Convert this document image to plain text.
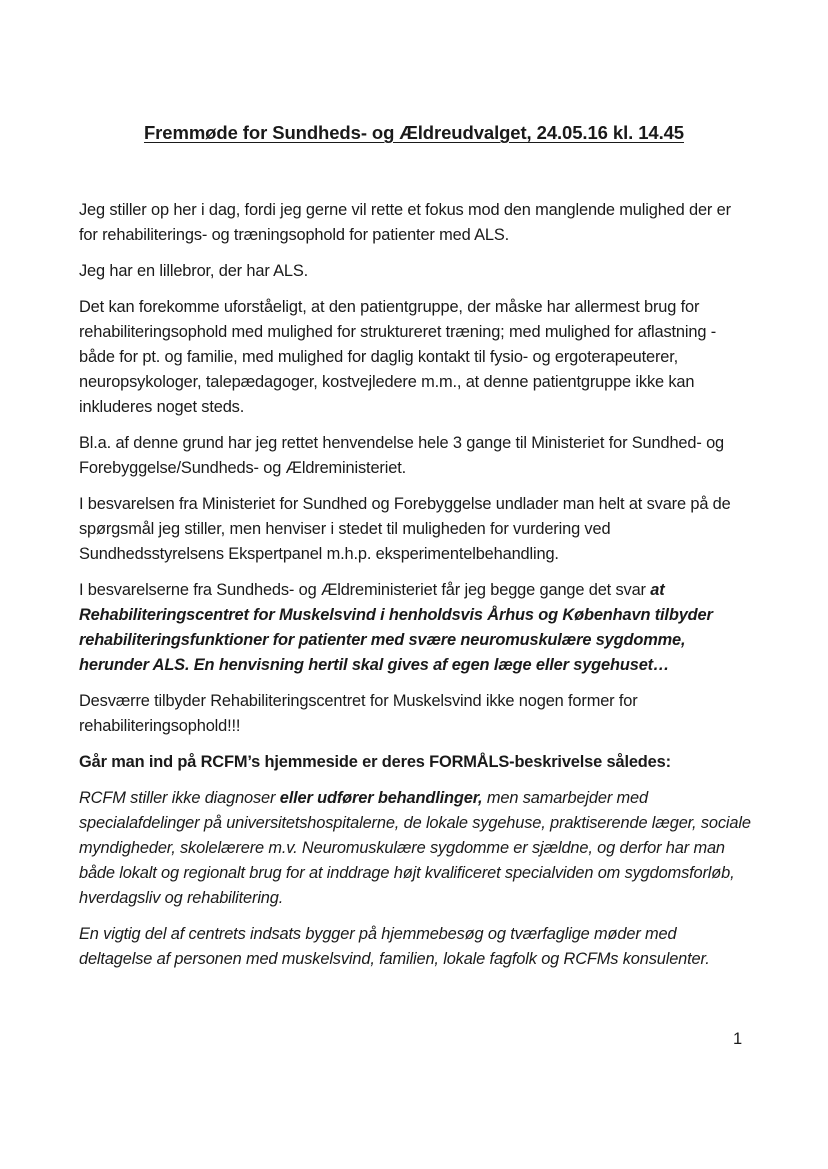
Fremmøde for Sundheds- og Ældreudvalget, 24.05.16 kl. 14.45

Jeg stiller op her i dag, fordi jeg gerne vil rette et fokus mod den manglende mulighed der er for rehabiliterings- og træningsophold for patienter med ALS.

Jeg har en lillebror, der har ALS.

Det kan forekomme uforståeligt, at den patientgruppe, der måske har allermest brug for rehabiliteringsophold med mulighed for struktureret træning; med mulighed for aflastning - både for pt. og familie, med mulighed for daglig kontakt til fysio- og ergoterapeuterer, neuropsykologer, talepædagoger, kostvejledere m.m., at denne patientgruppe ikke kan inkluderes noget steds.

Bl.a. af denne grund har jeg rettet henvendelse hele 3 gange til Ministeriet for Sundhed- og Forebyggelse/Sundheds- og Ældreministeriet.

I besvarelsen fra Ministeriet for Sundhed og Forebyggelse undlader man helt at svare på de spørgsmål jeg stiller, men henviser i stedet til muligheden for vurdering ved Sundhedsstyrelsens Ekspertpanel m.h.p. eksperimentelbehandling.

I besvarelserne fra Sundheds- og Ældreministeriet får jeg begge gange det svar at Rehabiliteringscentret for Muskelsvind i henholdsvis Århus og København tilbyder rehabiliteringsfunktioner for patienter med svære neuromuskulære sygdomme, herunder ALS. En henvisning hertil skal gives af egen læge eller sygehuset…

Desværre tilbyder Rehabiliteringscentret for Muskelsvind ikke nogen former for rehabiliteringsophold!!!

Går man ind på RCFM’s hjemmeside er deres FORMÅLS-beskrivelse således:

RCFM stiller ikke diagnoser eller udfører behandlinger, men samarbejder med specialafdelinger på universitetshospitalerne, de lokale sygehuse, praktiserende læger, sociale myndigheder, skolelærere m.v. Neuromuskulære sygdomme er sjældne, og derfor har man både lokalt og regionalt brug for at inddrage højt kvalificeret specialviden om sygdomsforløb, hverdagsliv og rehabilitering.

En vigtig del af centrets indsats bygger på hjemmebesøg og tværfaglige møder med deltagelse af personen med muskelsvind, familien, lokale fagfolk og RCFMs konsulenter.

1
